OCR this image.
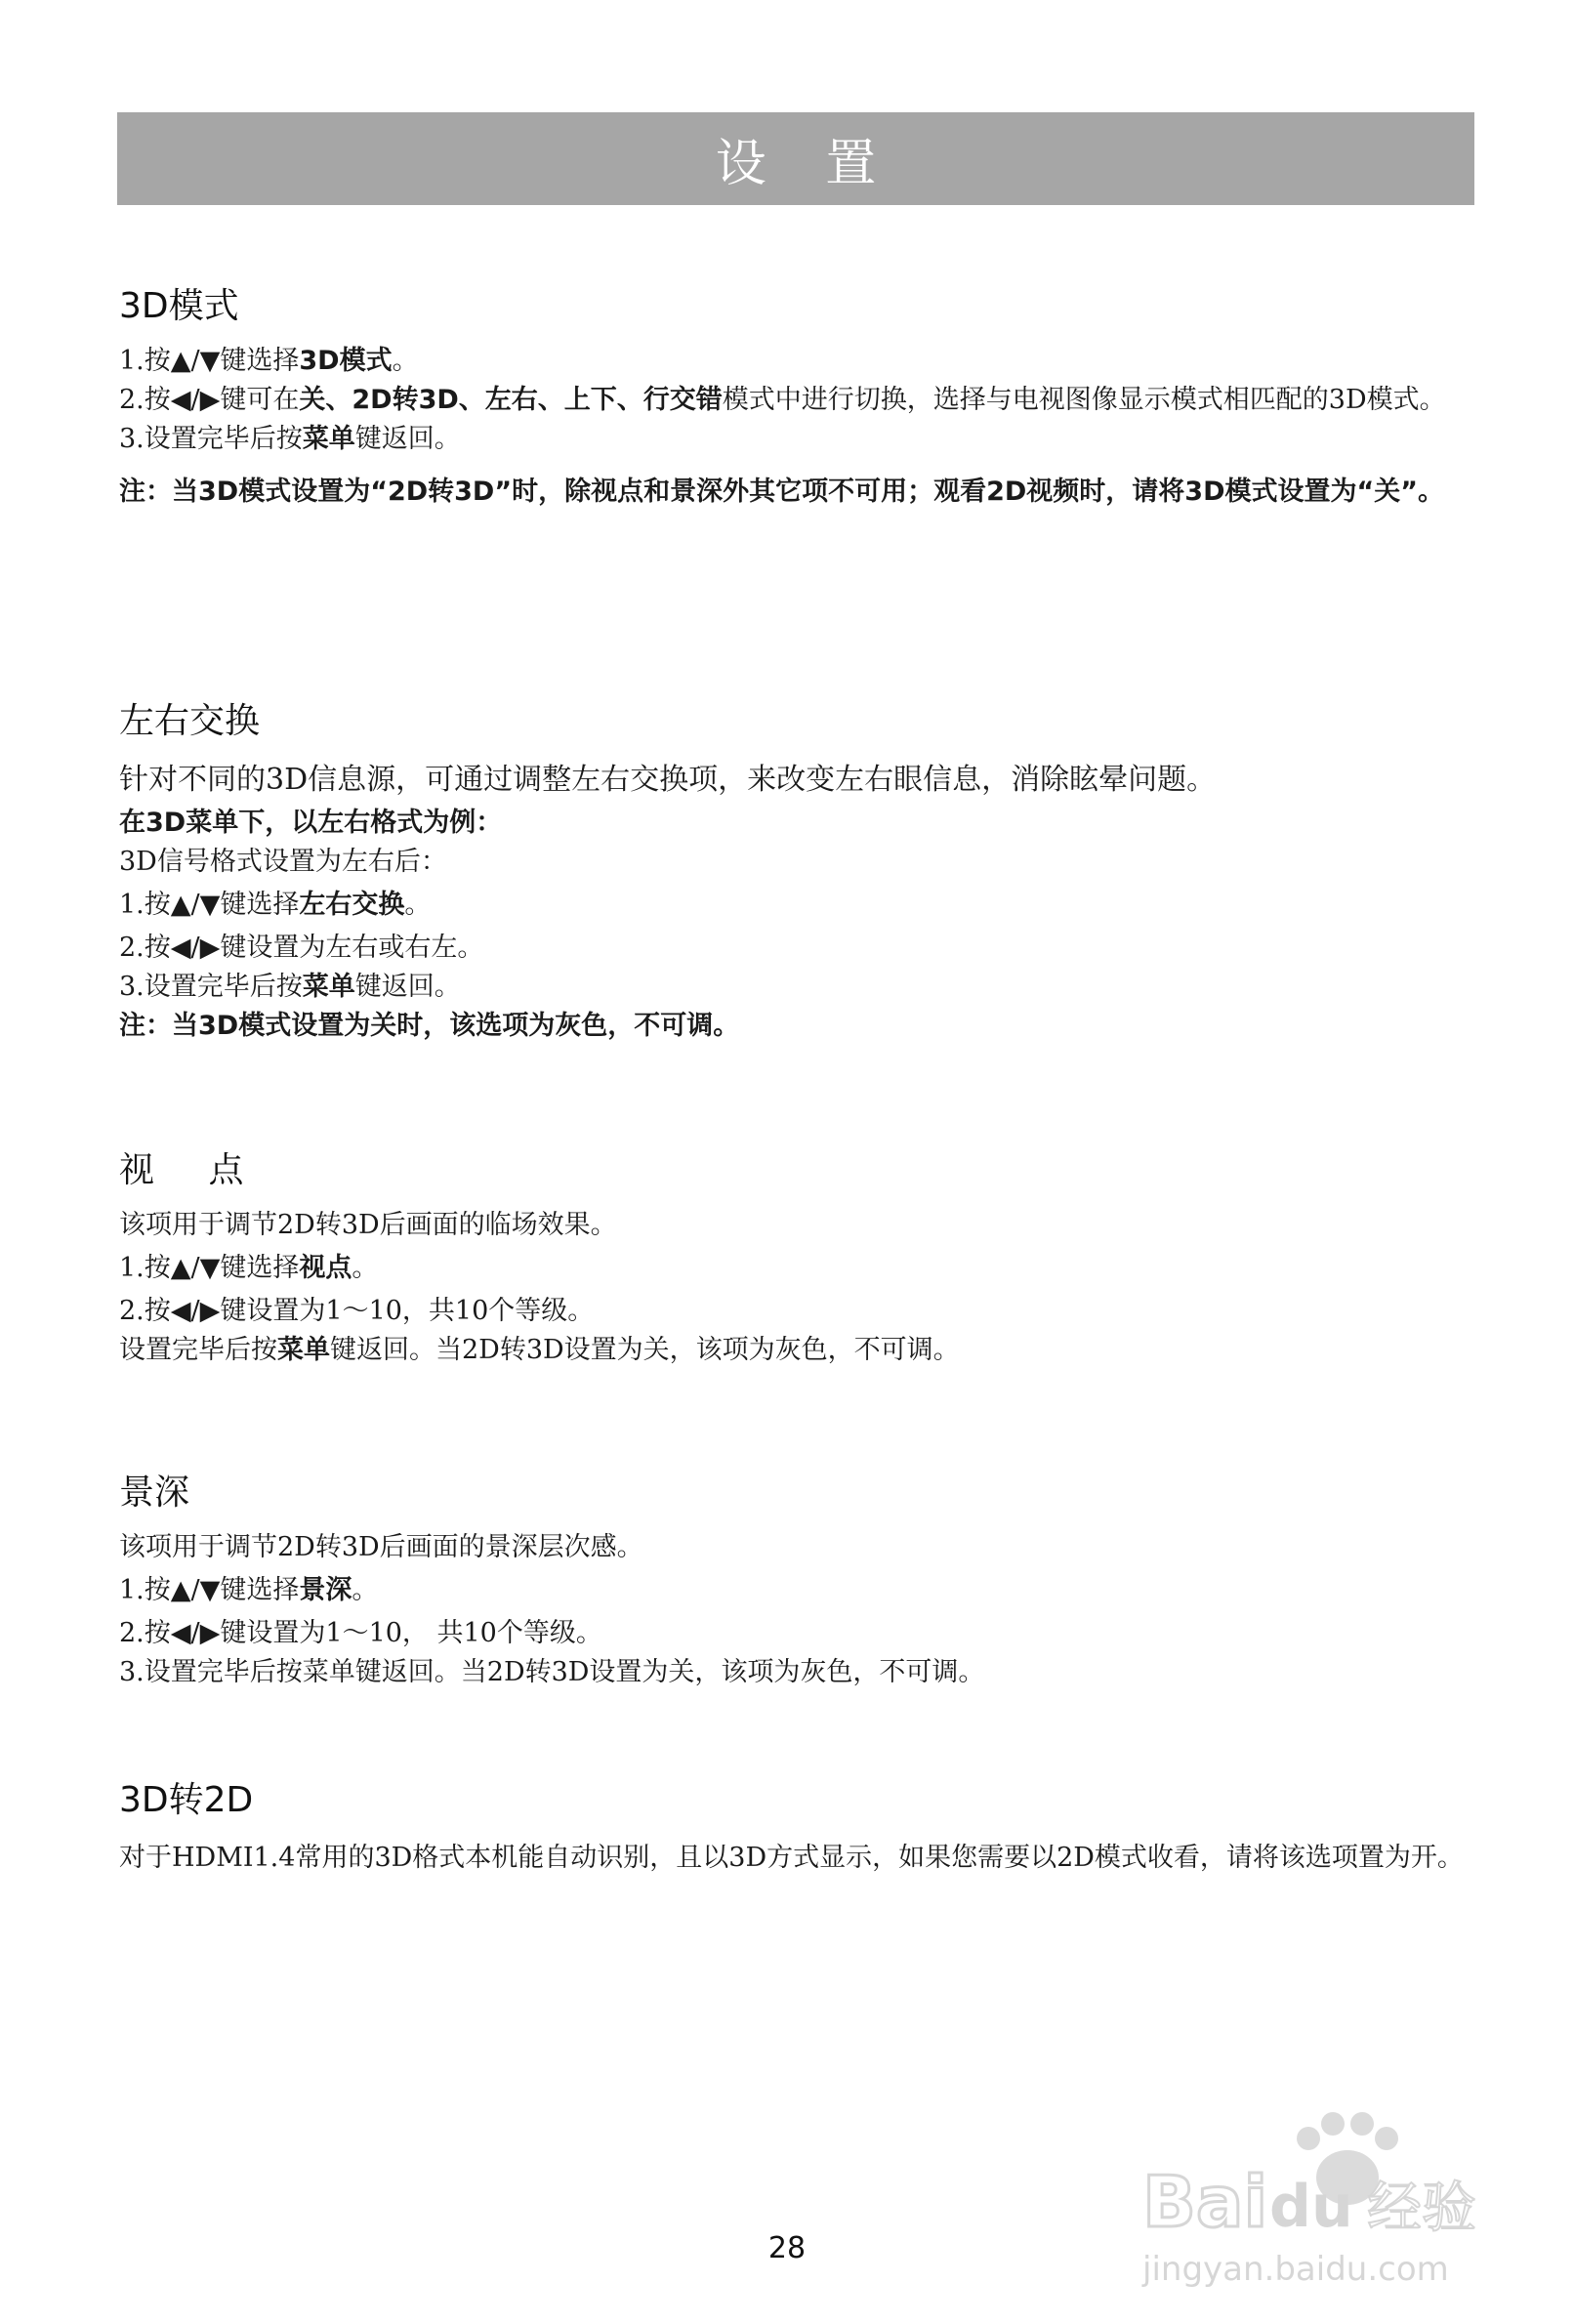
设 置
3D模式

1.按▲/▼键选择3D模式。

2.按◀/▶键可在关、2D转3D、左右、上下、行交错模式中进行切换，选择与电视图像显示模式相匹配的3D模式。

3.设置完毕后按菜单键返回。

注：当3D模式设置为“2D转3D”时，除视点和景深外其它项不可用；观看2D视频时，请将3D模式设置为“关”。

左右交换

针对不同的3D信息源，可通过调整左右交换项，来改变左右眼信息，消除眩晕问题。

在3D菜单下，以左右格式为例：

3D信号格式设置为左右后：

1.按▲/▼键选择左右交换。

2.按◀/▶键设置为左右或右左。

3.设置完毕后按菜单键返回。

注：当3D模式设置为关时，该选项为灰色，不可调。

视 点

该项用于调节2D转3D后画面的临场效果。

1.按▲/▼键选择视点。

2.按◀/▶键设置为1～10，共10个等级。

设置完毕后按菜单键返回。当2D转3D设置为关，该项为灰色，不可调。

景深

该项用于调节2D转3D后画面的景深层次感。

1.按▲/▼键选择景深。

2.按◀/▶键设置为1～10， 共10个等级。

3.设置完毕后按菜单键返回。当2D转3D设置为关，该项为灰色，不可调。

3D转2D

对于HDMI1.4常用的3D格式本机能自动识别，且以3D方式显示，如果您需要以2D模式收看，请将该选项置为开。

28
Bai du 经验
jingyan.baidu.com
